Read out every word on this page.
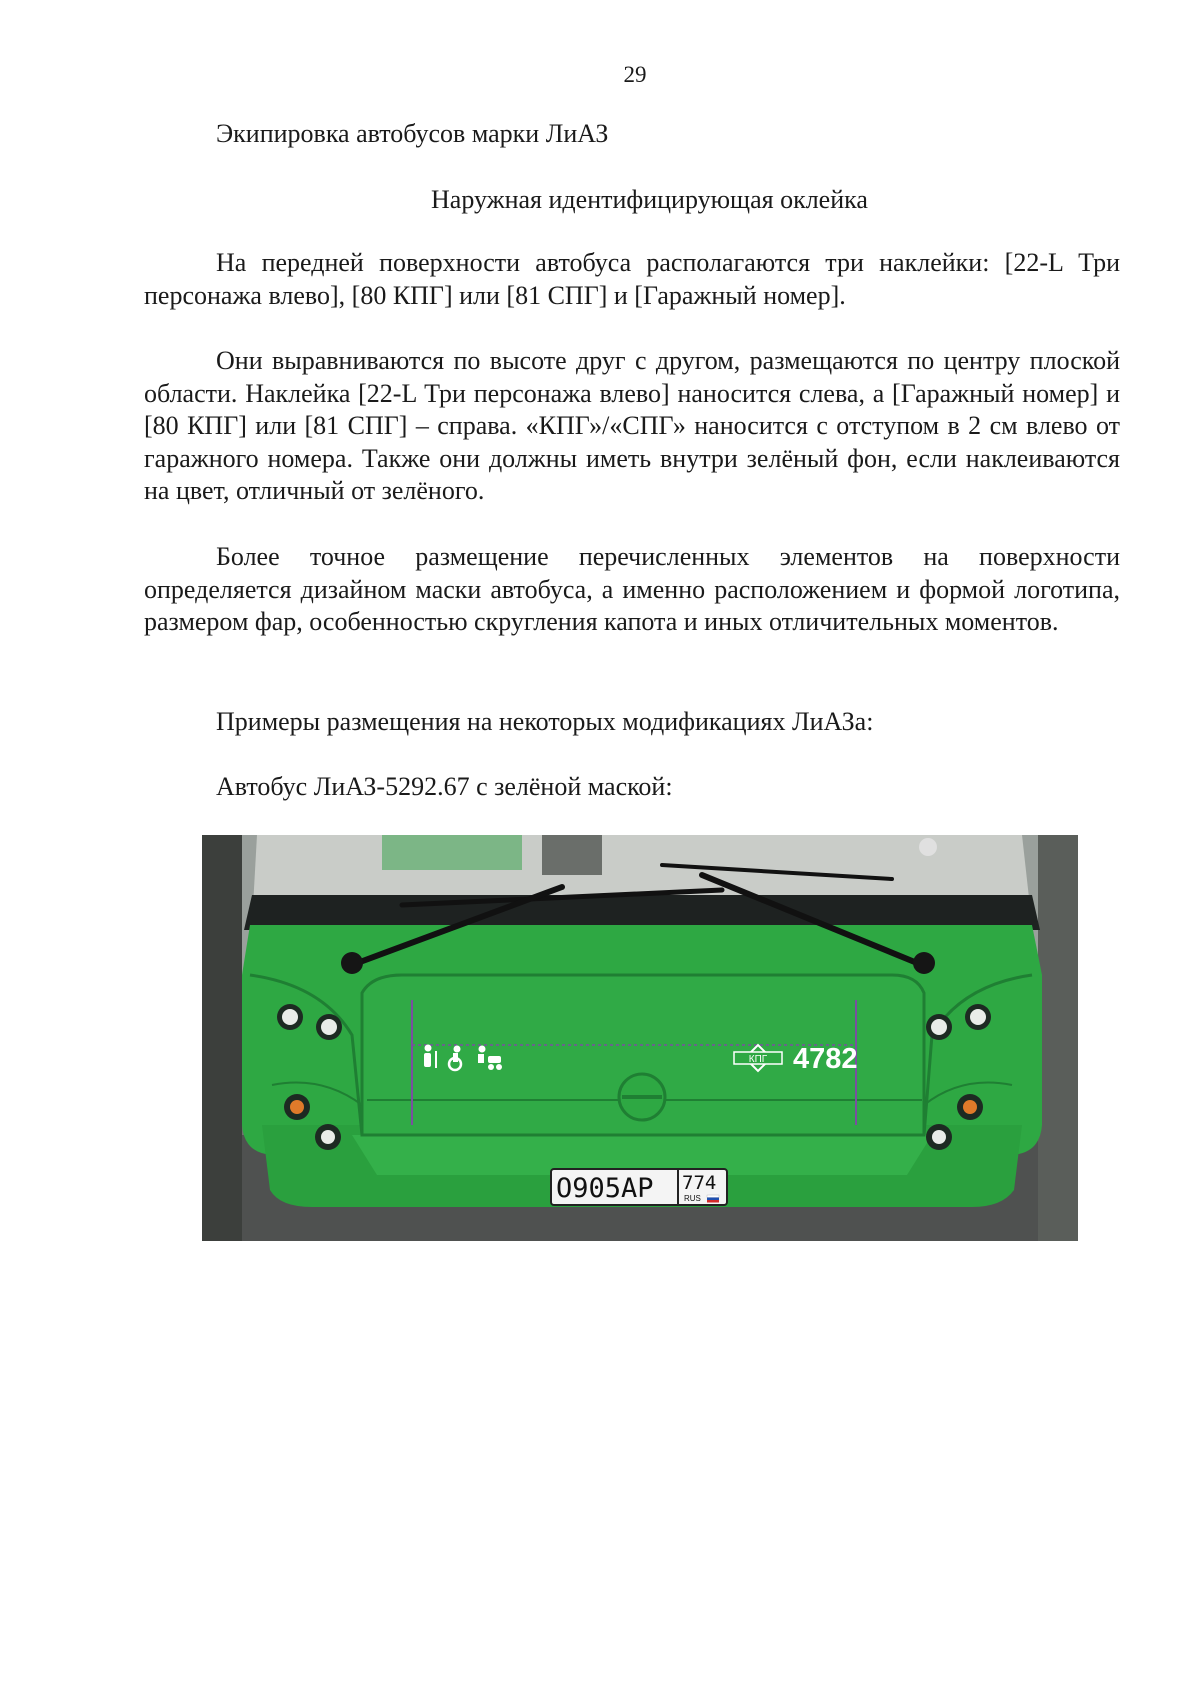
29
Экипировка автобусов марки ЛиАЗ
Наружная идентифицирующая оклейка

На передней поверхности автобуса располагаются три наклейки: [22-L Три персонажа влево], [80 КПГ] или [81 СПГ] и [Гаражный номер].

Они выравниваются по высоте друг с другом, размещаются по центру плоской области. Наклейка [22-L Три персонажа влево] наносится слева, а [Гаражный номер] и [80 КПГ] или [81 СПГ] – справа. «КПГ»/«СПГ» наносится с отступом в 2 см влево от гаражного номера. Также они должны иметь внутри зелёный фон, если наклеиваются на цвет, отличный от зелёного.

Более точное размещение перечисленных элементов на поверхности определяется дизайном маски автобуса, а именно расположением и формой логотипа, размером фар, особенностью скругления капота и иных отличительных моментов.

Примеры размещения на некоторых модификациях ЛиАЗа:
Автобус ЛиАЗ-5292.67 с зелёной маской:
КПГ 4782
О905АР 774
RUS
